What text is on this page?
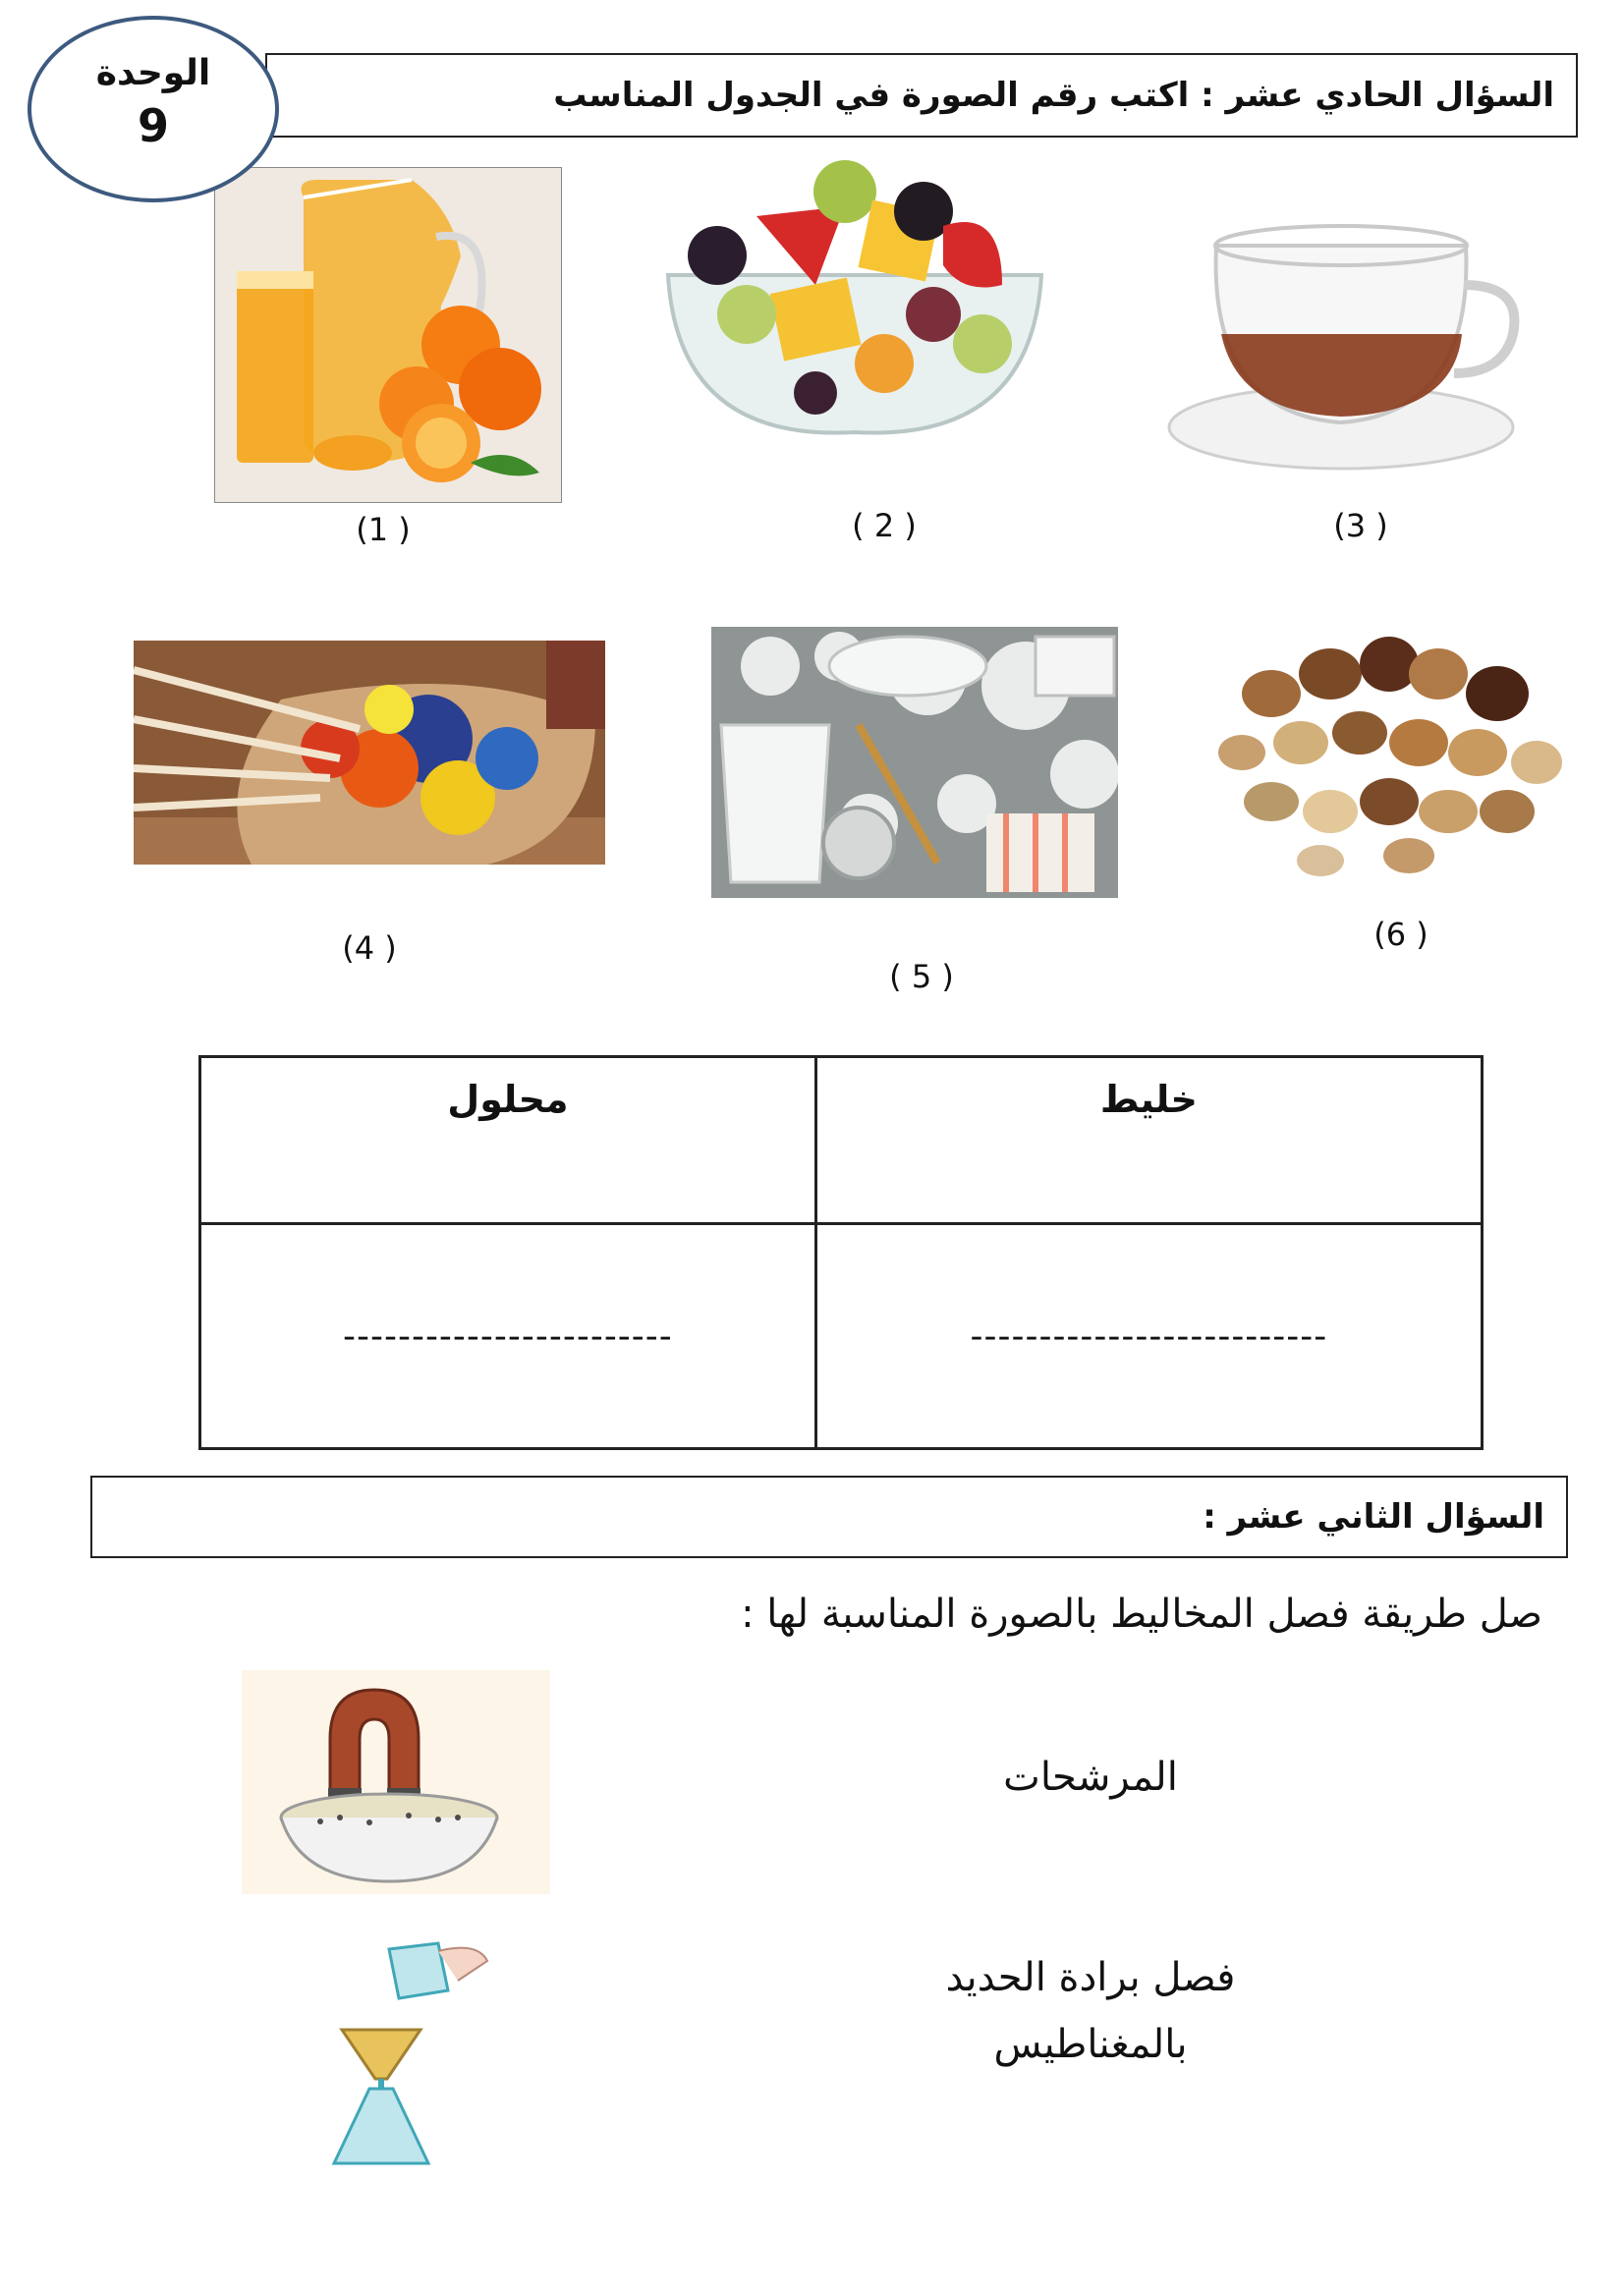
الوحدة
9
السؤال الحادي عشر : اكتب رقم الصورة في الجدول المناسب
(1 )	( 2 )	(3 )
(4 )
( 5 )
(6 )
خليط	محلول
--------------------------	------------------------
السؤال الثاني عشر :
صل طريقة فصل المخاليط بالصورة المناسبة لها :
المرشحات
فصل برادة الحديد
بالمغناطيس
